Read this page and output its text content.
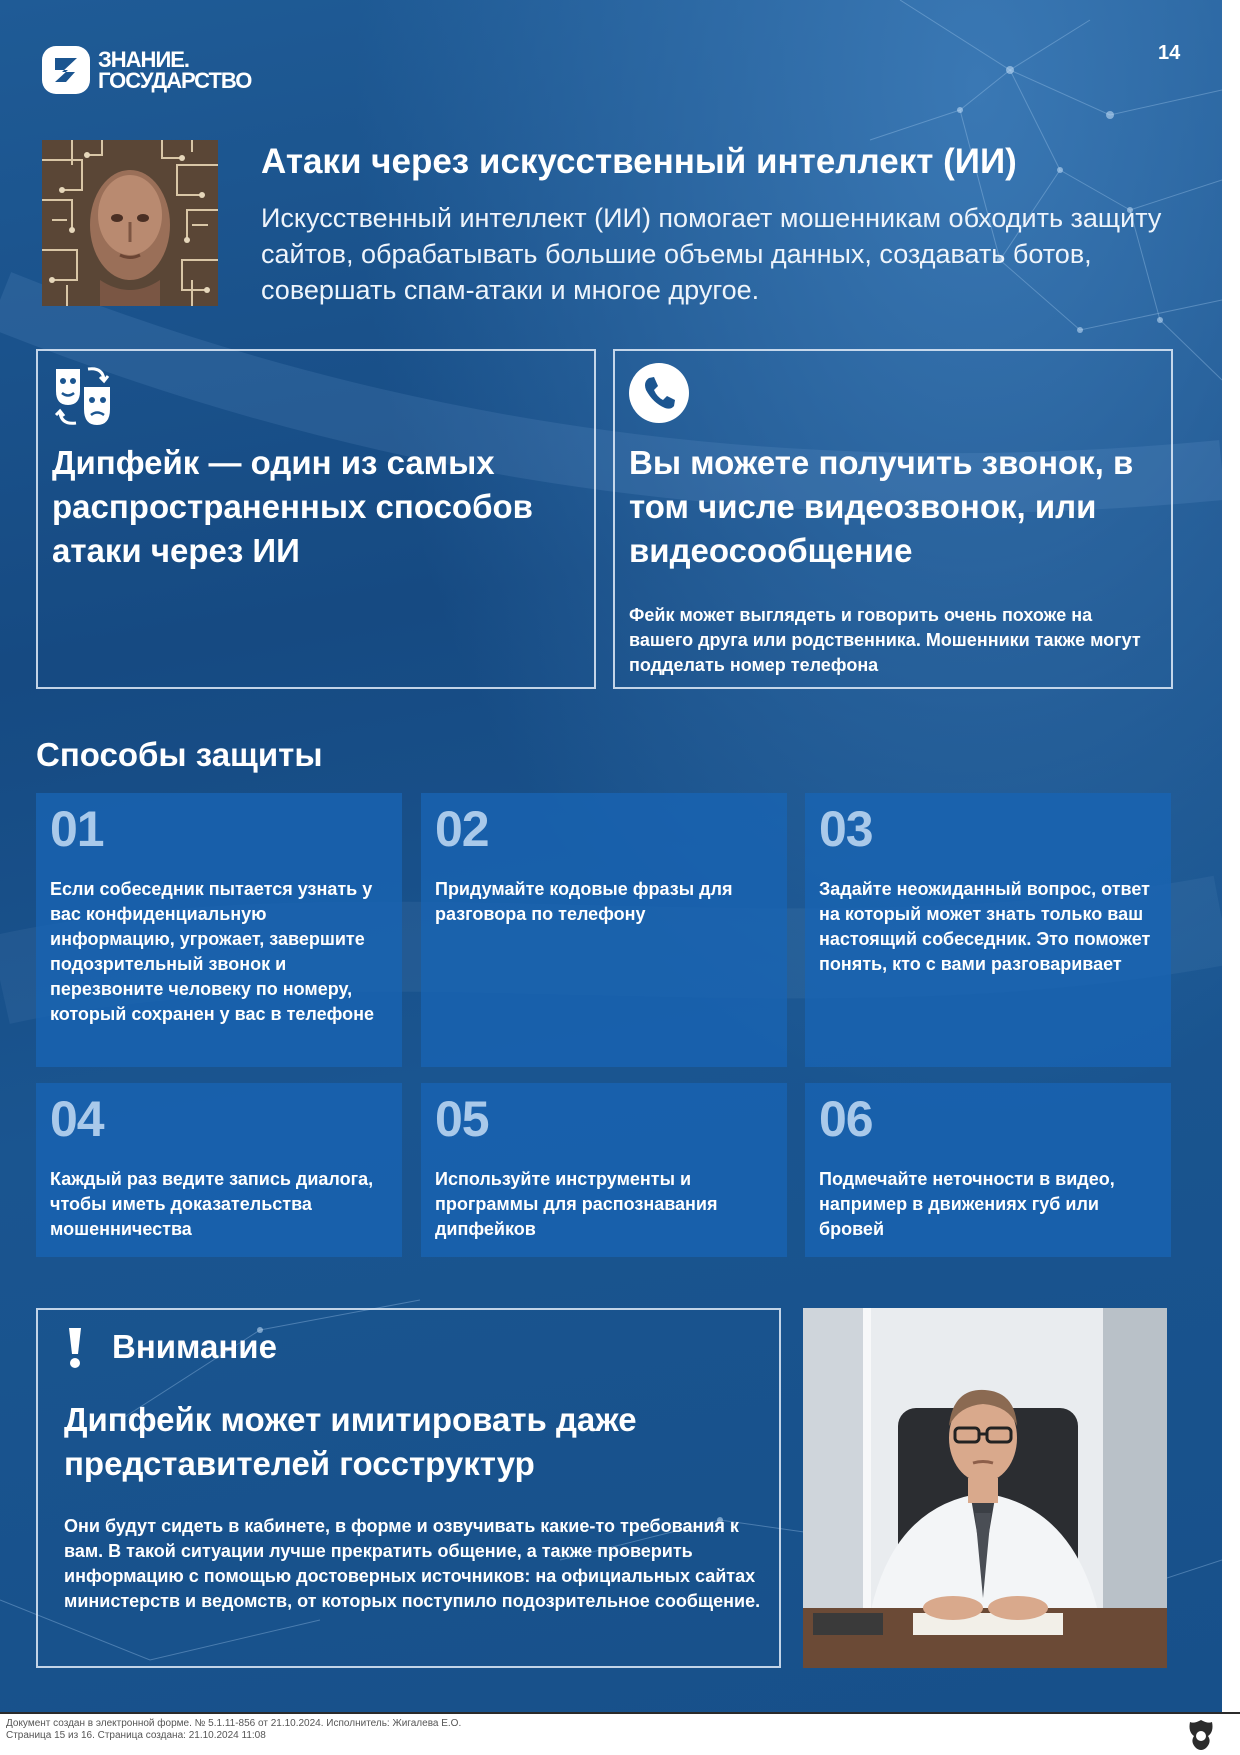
ЗНАНИЕ.
ГОСУДАРСТВО
14
Атаки через искусственный интеллект (ИИ)

Искусственный интеллект (ИИ) помогает мошенникам обходить защиту сайтов, обрабатывать большие объемы данных, создавать ботов, совершать спам-атаки и многое другое.

Дипфейк — один из самых распространенных способов атаки через ИИ
Вы можете получить звонок, в том числе видеозвонок, или видеосообщение

Фейк может выглядеть и говорить очень похоже на вашего друга или родственника. Мошенники также могут подделать номер телефона

Способы защиты

01

Если собеседник пытается узнать у вас конфиденциальную информацию, угрожает, завершите подозрительный звонок и перезвоните человеку по номеру, который сохранен у вас в телефоне

02

Придумайте кодовые фразы для разговора по телефону

03

Задайте неожиданный вопрос, ответ на который может знать только ваш настоящий собеседник. Это поможет понять, кто с вами разговаривает

04

Каждый раз ведите запись диалога, чтобы иметь доказательства мошенничества

05

Используйте инструменты и программы для распознавания дипфейков

06

Подмечайте неточности в видео, например в движениях губ или бровей

Внимание

Дипфейк может имитировать даже представителей госструктур

Они будут сидеть в кабинете, в форме и озвучивать какие-то требования к вам. В такой ситуации лучше прекратить общение, а также проверить информацию с помощью достоверных источников: на официальных сайтах министерств и ведомств, от которых поступило подозрительное сообщение.

Документ создан в электронной форме. № 5.1.11-856 от 21.10.2024. Исполнитель: Жигалева Е.О.
Страница 15 из 16. Страница создана: 21.10.2024 11:08
